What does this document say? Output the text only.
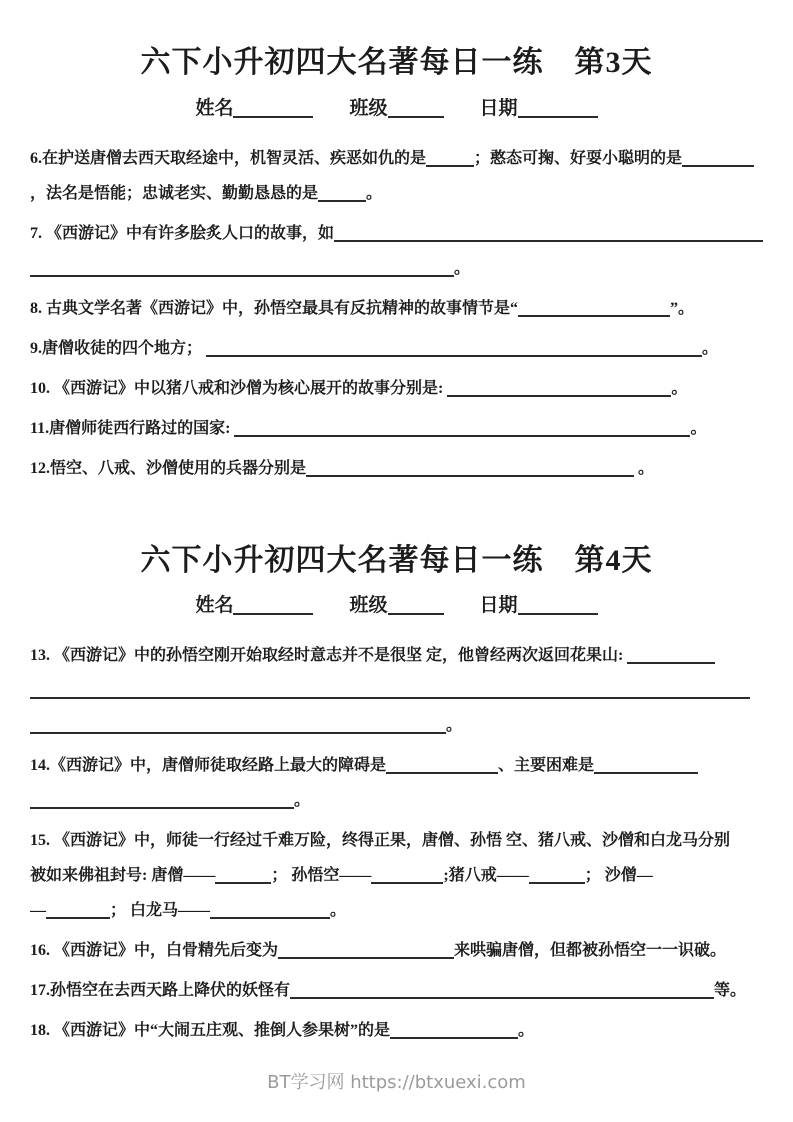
六下小升初四大名著每日一练　第3天
姓名	班级	日期
6.在护送唐僧去西天取经途中，机智灵活、疾恶如仇的是	；憨态可掬、好耍小聪明的是
，法名是悟能；忠诚老实、勤勤恳恳的是	。
7. 《西游记》中有许多脍炙人口的故事，如
。
8. 古典文学名著《西游记》中，孙悟空最具有反抗精神的故事情节是“	”。
9.唐僧收徒的四个地方；	。
10. 《西游记》中以猪八戒和沙僧为核心展开的故事分别是:	。
11.唐僧师徒西行路过的国家:	。
12.悟空、八戒、沙僧使用的兵器分别是	。
六下小升初四大名著每日一练　第4天
姓名	班级	日期
13. 《西游记》中的孙悟空刚开始取经时意志并不是很坚 定，他曾经两次返回花果山:
。
14.《西游记》中，唐僧师徒取经路上最大的障碍是	、主要困难是
。
15. 《西游记》中，师徒一行经过千难万险，终得正果，唐僧、孙悟 空、猪八戒、沙僧和白龙马分别
被如来佛祖封号: 唐僧——	； 孙悟空——	;猪八戒——	； 沙僧—
—	； 白龙马——	。
16. 《西游记》中，白骨精先后变为	来哄骗唐僧，但都被孙悟空一一识破。
17.孙悟空在去西天路上降伏的妖怪有	等。
18. 《西游记》中“大闹五庄观、推倒人参果树”的是	。
BT学习网 https://btxuexi.com
